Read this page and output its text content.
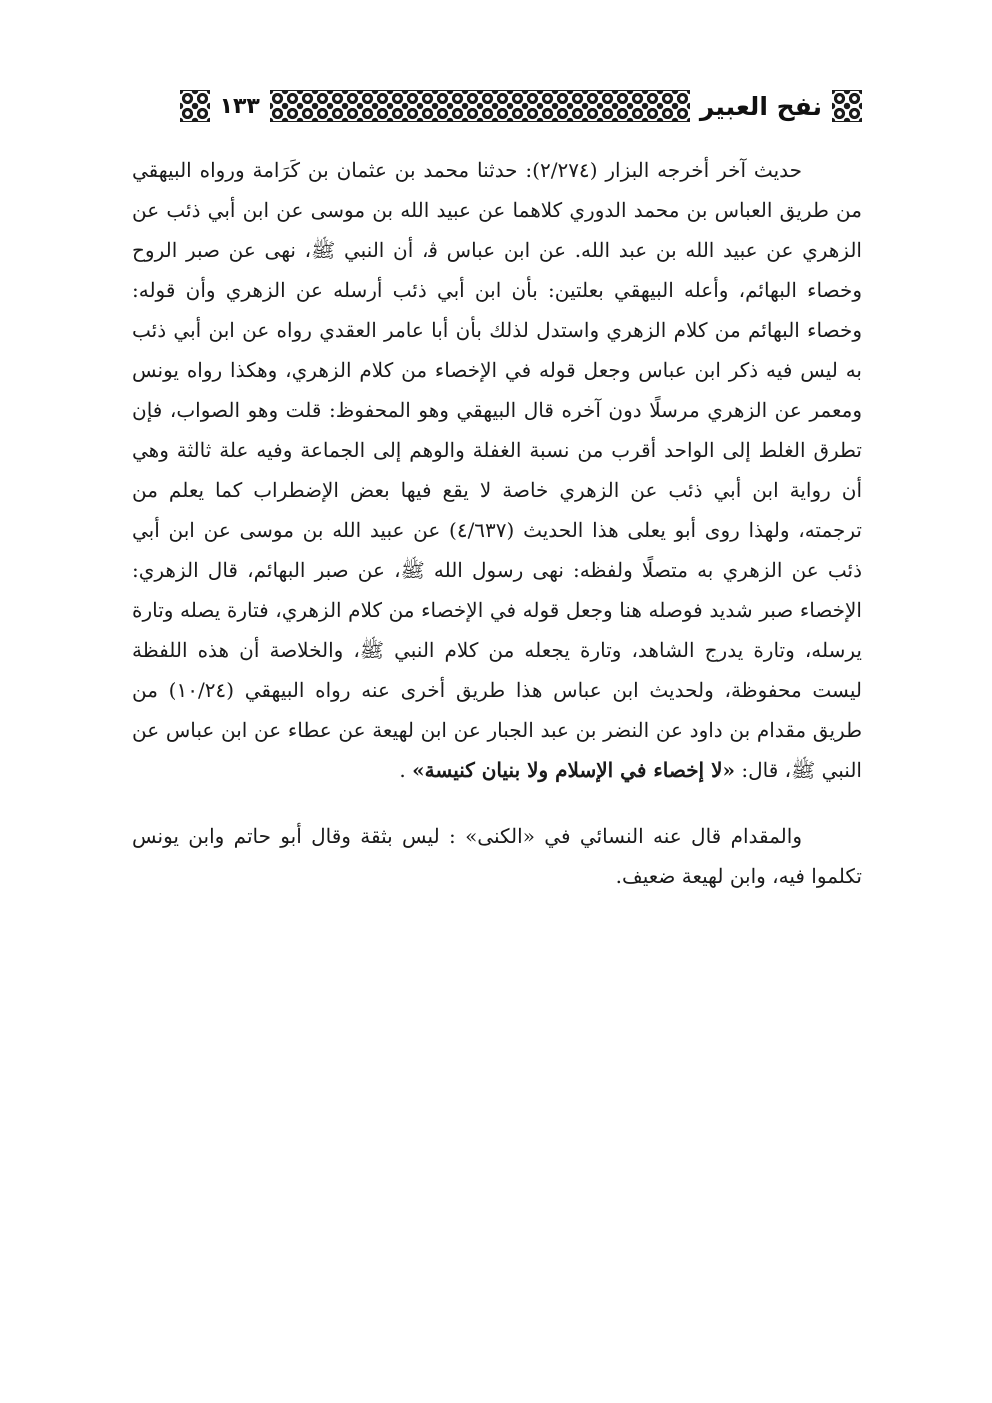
نفح العبير
١٣٣

حديث آخر أخرجه البزار (٢/٢٧٤): حدثنا محمد بن عثمان بن كَرَامة ورواه البيهقي من طريق العباس بن محمد الدوري كلاهما عن عبيد الله بن موسى عن ابن أبي ذئب عن الزهري عن عبيد الله بن عبد الله. عن ابن عباس ﭬ، أن النبي ﷺ، نهى عن صبر الروح وخصاء البهائم، وأعله البيهقي بعلتين: بأن ابن أبي ذئب أرسله عن الزهري وأن قوله: وخصاء البهائم من كلام الزهري واستدل لذلك بأن أبا عامر العقدي رواه عن ابن أبي ذئب به ليس فيه ذكر ابن عباس وجعل قوله في الإخصاء من كلام الزهري، وهكذا رواه يونس ومعمر عن الزهري مرسلًا دون آخره قال البيهقي وهو المحفوظ: قلت وهو الصواب، فإن تطرق الغلط إلى الواحد أقرب من نسبة الغفلة والوهم إلى الجماعة وفيه علة ثالثة وهي أن رواية ابن أبي ذئب عن الزهري خاصة لا يقع فيها بعض الإضطراب كما يعلم من ترجمته، ولهذا روى أبو يعلى هذا الحديث (٤/٦٣٧) عن عبيد الله بن موسى عن ابن أبي ذئب عن الزهري به متصلًا ولفظه: نهى رسول الله ﷺ، عن صبر البهائم، قال الزهري: الإخصاء صبر شديد فوصله هنا وجعل قوله في الإخصاء من كلام الزهري، فتارة يصله وتارة يرسله، وتارة يدرج الشاهد، وتارة يجعله من كلام النبي ﷺ، والخلاصة أن هذه اللفظة ليست محفوظة، ولحديث ابن عباس هذا طريق أخرى عنه رواه البيهقي (١٠/٢٤) من طريق مقدام بن داود عن النضر بن عبد الجبار عن ابن لهيعة عن عطاء عن ابن عباس عن النبي ﷺ، قال: «لا إخصاء في الإسلام ولا بنيان كنيسة» .

والمقدام قال عنه النسائي في «الكنى» : ليس بثقة وقال أبو حاتم وابن يونس تكلموا فيه، وابن لهيعة ضعيف.
